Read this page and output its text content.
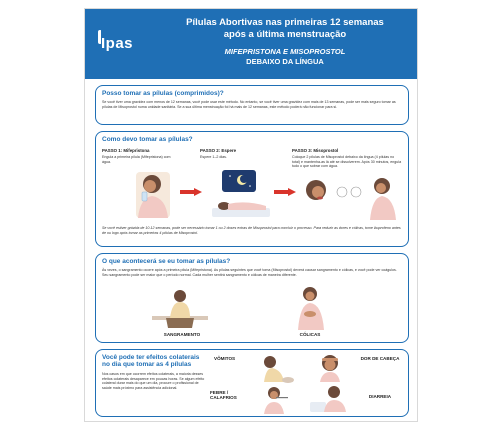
Ipas
Pílulas Abortivas nas primeiras 12 semanas
após a última menstruação
MIFEPRISTONA E MISOPROSTOL
DEBAIXO DA LÍNGUA
Posso tomar as pílulas (comprimidos)?
Se você tiver uma gravidez com menos de 12 semanas, você pode usar este método. No entanto, se você tiver uma gravidez com mais de 13 semanas, pode ser mais seguro tomar as pílulas de Misoprostol numa unidade sanitária. Se a sua última menstruação foi há mais de 12 semanas, este método poderá não funcionar para si.
Como devo tomar as pílulas?
PASSO 1: Mifepristona
Engula a primeira pílula (Mifepristona) com água.
PASSO 2: Espere
Espere 1–2 dias.
PASSO 3: Misoprostol
Coloque 2 pílulas de Misoprostol debaixo da língua (4 pílulas no total) e mantenha-as lá até se dissolverem. Após 30 minutos, engula tudo o que sobrar com água.
Se você estiver grávida de 10-12 semanas, pode ser necessário tomar 1 ou 2 doses extras de Misoprostol para concluir o processo. Para reduzir as dores e cólicas, tome ibuprofeno antes de ou logo após tomar as primeiras 4 pílulas de Misoprostol.
O que acontecerá se eu tomar as pílulas?
Às vezes, o sangramento ocorre após a primeira pílula (Mifepristona). As pílulas seguintes que você toma (Misoprostol) deverá causar sangramento e cólicas, e você pode ver coágulos. Seu sangramento pode ser maior que o período normal. Cada mulher sentirá sangramento e cólicas de maneira diferente.
SANGRAMENTO	CÓLICAS
Você pode ter efeitos colaterais
no dia que tomar as 4 pílulas
Nos casos em que ocorrem efeitos colaterais, a maioria desses efeitos colaterais desaparece em poucas horas. Se algum efeito colateral durar mais do que um dia, procure o profissional de saúde mais próximo para assistência adicional.
VÔMITOS	DOR DE CABEÇA
FEBRE / CALAFRIOS	DIARREIA
